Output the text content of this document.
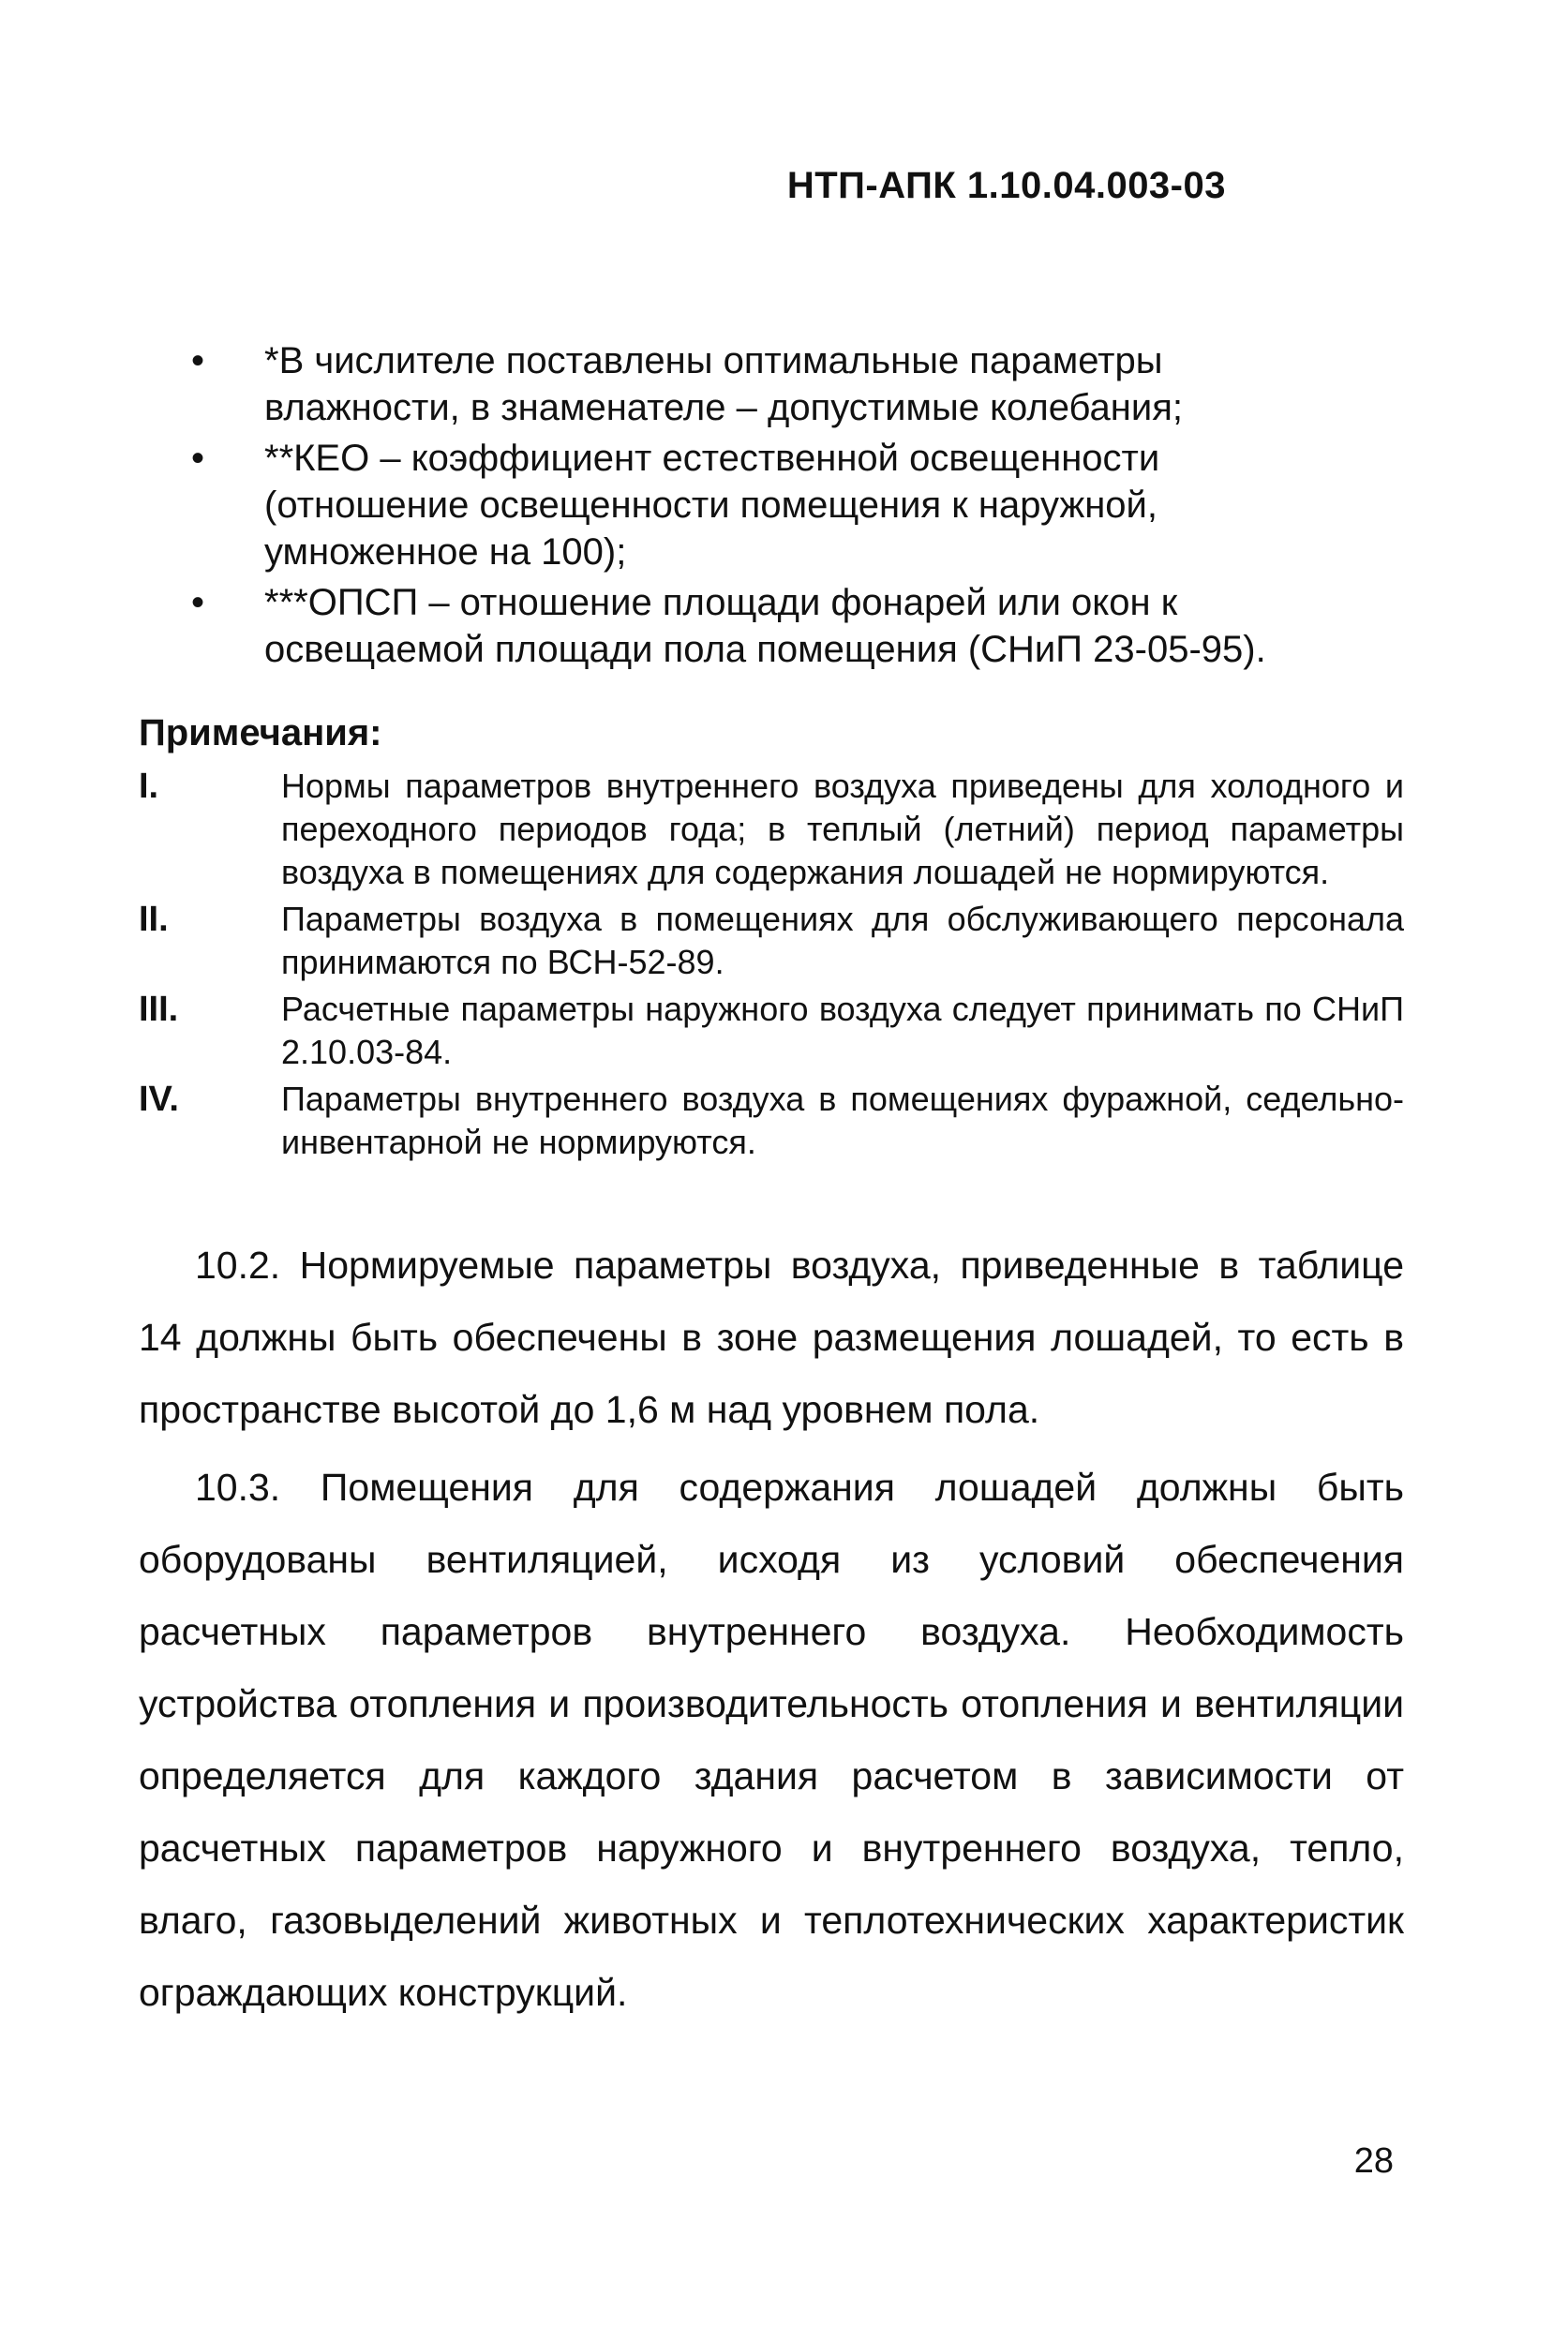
НТП-АПК 1.10.04.003-03
• *В числителе поставлены оптимальные параметры влажности, в знаменателе – допустимые колебания;
• **КЕО – коэффициент естественной освещенности (отношение освещенности помещения к наружной, умноженное на 100);
• ***ОПСП – отношение площади фонарей или окон к освещаемой площади пола помещения (СНиП 23-05-95).
Примечания:
I.	Нормы параметров внутреннего воздуха приведены для холодного и переходного периодов года; в теплый (летний) период параметры воздуха в помещениях для содержания лошадей не нормируются.
II.	Параметры воздуха в помещениях для обслуживающего персонала принимаются по ВСН-52-89.
III.	Расчетные параметры наружного воздуха следует принимать по СНиП 2.10.03-84.
IV.	Параметры внутреннего воздуха в помещениях фуражной, седельно-инвентарной не нормируются.

10.2. Нормируемые параметры воздуха, приведенные в таблице 14 должны быть обеспечены в зоне размещения лошадей, то есть в пространстве высотой до 1,6 м над уровнем пола.

10.3. Помещения для содержания лошадей должны быть оборудованы вентиляцией, исходя из условий обеспечения расчетных параметров внутреннего воздуха. Необходимость устройства отопления и производительность отопления и вентиляции определяется для каждого здания расчетом в зависимости от расчетных параметров наружного и внутреннего воздуха, тепло, влаго, газовыделений животных и теплотехнических характеристик ограждающих конструкций.

28
